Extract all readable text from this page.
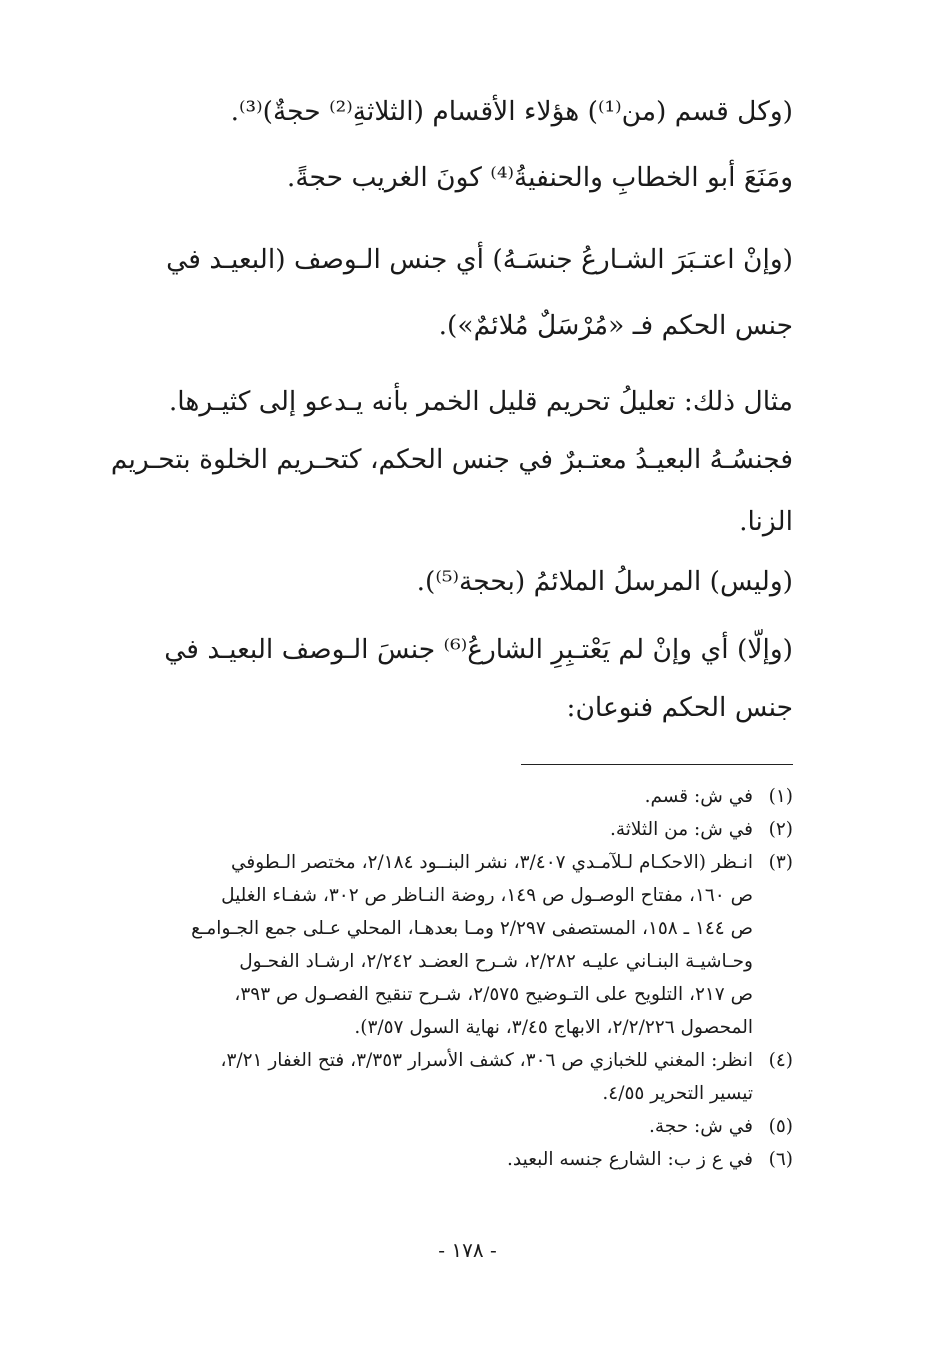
(وكل قسم (من⁽¹⁾) هؤلاء الأقسام (الثلاثةِ⁽²⁾ حجةٌ)⁽³⁾.

ومَنَعَ أبو الخطابِ والحنفيةُ⁽⁴⁾ كونَ الغريب حجةً.

(وإنْ اعتـبَرَ الشـارعُ جنسَـهُ) أي جنس الـوصف (البعيـد في

جنس الحكم فـ «مُرْسَلٌ مُلائمٌ»).

مثال ذلك: تعليلُ تحريم قليل الخمر بأنه يـدعو إلى كثيـرها.

فجنسُـهُ البعيـدُ معتـبرٌ في جنس الحكم، كتحـريم الخلوة بتحـريم

الزنا.

(وليس) المرسلُ الملائمُ (بحجة⁽⁵⁾).

(وإلّا) أي وإنْ لم يَعْتـبِرِ الشارعُ⁽⁶⁾ جنسَ الـوصف البعيـد في

جنس الحكم فنوعان:

(١)
في ش: قسم.
(٢)
في ش: من الثلاثة.
(٣)
انـظر (الاحكـام لـلآمـدي ٣/٤٠٧، نشر البنــود ٢/١٨٤، مختصر الـطوفي
ص ١٦٠، مفتاح الوصـول ص ١٤٩، روضة النـاظر ص ٣٠٢، شفـاء الغليل
ص ١٤٤ ـ ١٥٨، المستصفى ٢/٢٩٧ ومـا بعدهـا، المحلي عـلى جمع الجـوامـع
وحـاشيـة البنـاني عليـه ٢/٢٨٢، شـرح العضـد ٢/٢٤٢، ارشـاد الفحـول
ص ٢١٧، التلويح على التـوضيح ٢/٥٧٥، شـرح تنقيح الفصـول ص ٣٩٣،
المحصول ٢/٢/٢٢٦، الابهاج ٣/٤٥، نهاية السول ٣/٥٧).
(٤)
انظر: المغني للخبازي ص ٣٠٦، كشف الأسرار ٣/٣٥٣، فتح الغفار ٣/٢١،
تيسير التحرير ٤/٥٥.
(٥)
في ش: حجة.
(٦)
في ع ز ب: الشارع جنسه البعيد.
- ١٧٨ -
